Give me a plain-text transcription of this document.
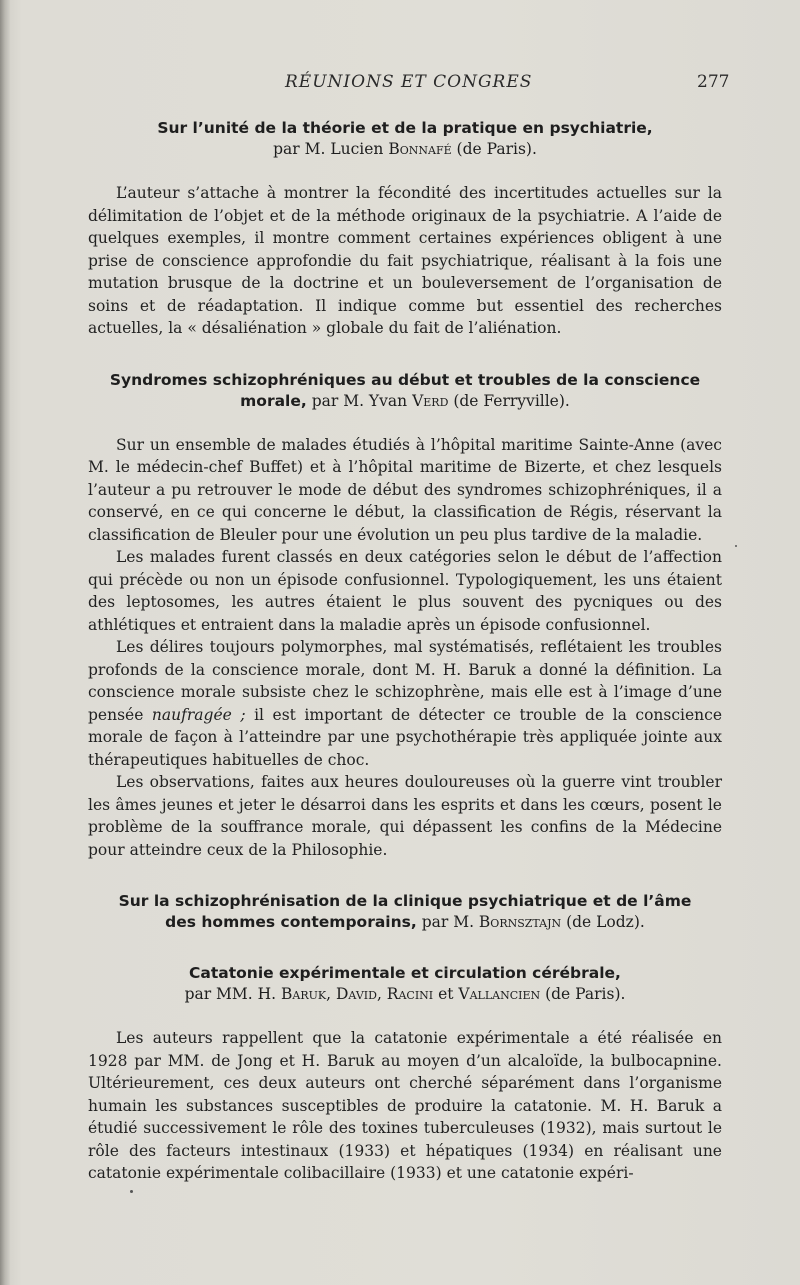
RÉUNIONS ET CONGRES	277
Sur l’unité de la théorie et de la pratique en psychiatrie,
par M. Lucien Bonnafé (de Paris).

L’auteur s’attache à montrer la fécondité des incertitudes actuelles sur la délimitation de l’objet et de la méthode originaux de la psychiatrie. A l’aide de quelques exemples, il montre comment certaines expériences obligent à une prise de conscience approfondie du fait psychiatrique, réalisant à la fois une mutation brusque de la doctrine et un bouleversement de l’organisation de soins et de réadaptation. Il indique comme but essentiel des recherches actuelles, la « désaliénation » globale du fait de l’aliénation.

Syndromes schizophréniques au début et troubles de la conscience
morale, par M. Yvan Verd (de Ferryville).

Sur un ensemble de malades étudiés à l’hôpital maritime Sainte-Anne (avec M. le médecin-chef Buffet) et à l’hôpital maritime de Bizerte, et chez lesquels l’auteur a pu retrouver le mode de début des syndromes schizophréniques, il a conservé, en ce qui concerne le début, la classification de Régis, réservant la classification de Bleuler pour une évolution un peu plus tardive de la maladie.

Les malades furent classés en deux catégories selon le début de l’affection qui précède ou non un épisode confusionnel. Typologiquement, les uns étaient des leptosomes, les autres étaient le plus souvent des pycniques ou des athlétiques et entraient dans la maladie après un épisode confusionnel.

Les délires toujours polymorphes, mal systématisés, reflétaient les troubles profonds de la conscience morale, dont M. H. Baruk a donné la définition. La conscience morale subsiste chez le schizophrène, mais elle est à l’image d’une pensée naufragée ; il est important de détecter ce trouble de la conscience morale de façon à l’atteindre par une psychothérapie très appliquée jointe aux thérapeutiques habituelles de choc.

Les observations, faites aux heures douloureuses où la guerre vint troubler les âmes jeunes et jeter le désarroi dans les esprits et dans les cœurs, posent le problème de la souffrance morale, qui dépassent les confins de la Médecine pour atteindre ceux de la Philosophie.

Sur la schizophrénisation de la clinique psychiatrique et de l’âme
des hommes contemporains, par M. Bornsztajn (de Lodz).
Catatonie expérimentale et circulation cérébrale,
par MM. H. Baruk, David, Racini et Vallancien (de Paris).

Les auteurs rappellent que la catatonie expérimentale a été réalisée en 1928 par MM. de Jong et H. Baruk au moyen d’un alcaloïde, la bulbocapnine. Ultérieurement, ces deux auteurs ont cherché séparément dans l’organisme humain les substances susceptibles de produire la catatonie. M. H. Baruk a étudié successivement le rôle des toxines tuberculeuses (1932), mais surtout le rôle des facteurs intestinaux (1933) et hépatiques (1934) en réalisant une catatonie expérimentale colibacillaire (1933) et une catatonie expéri-
